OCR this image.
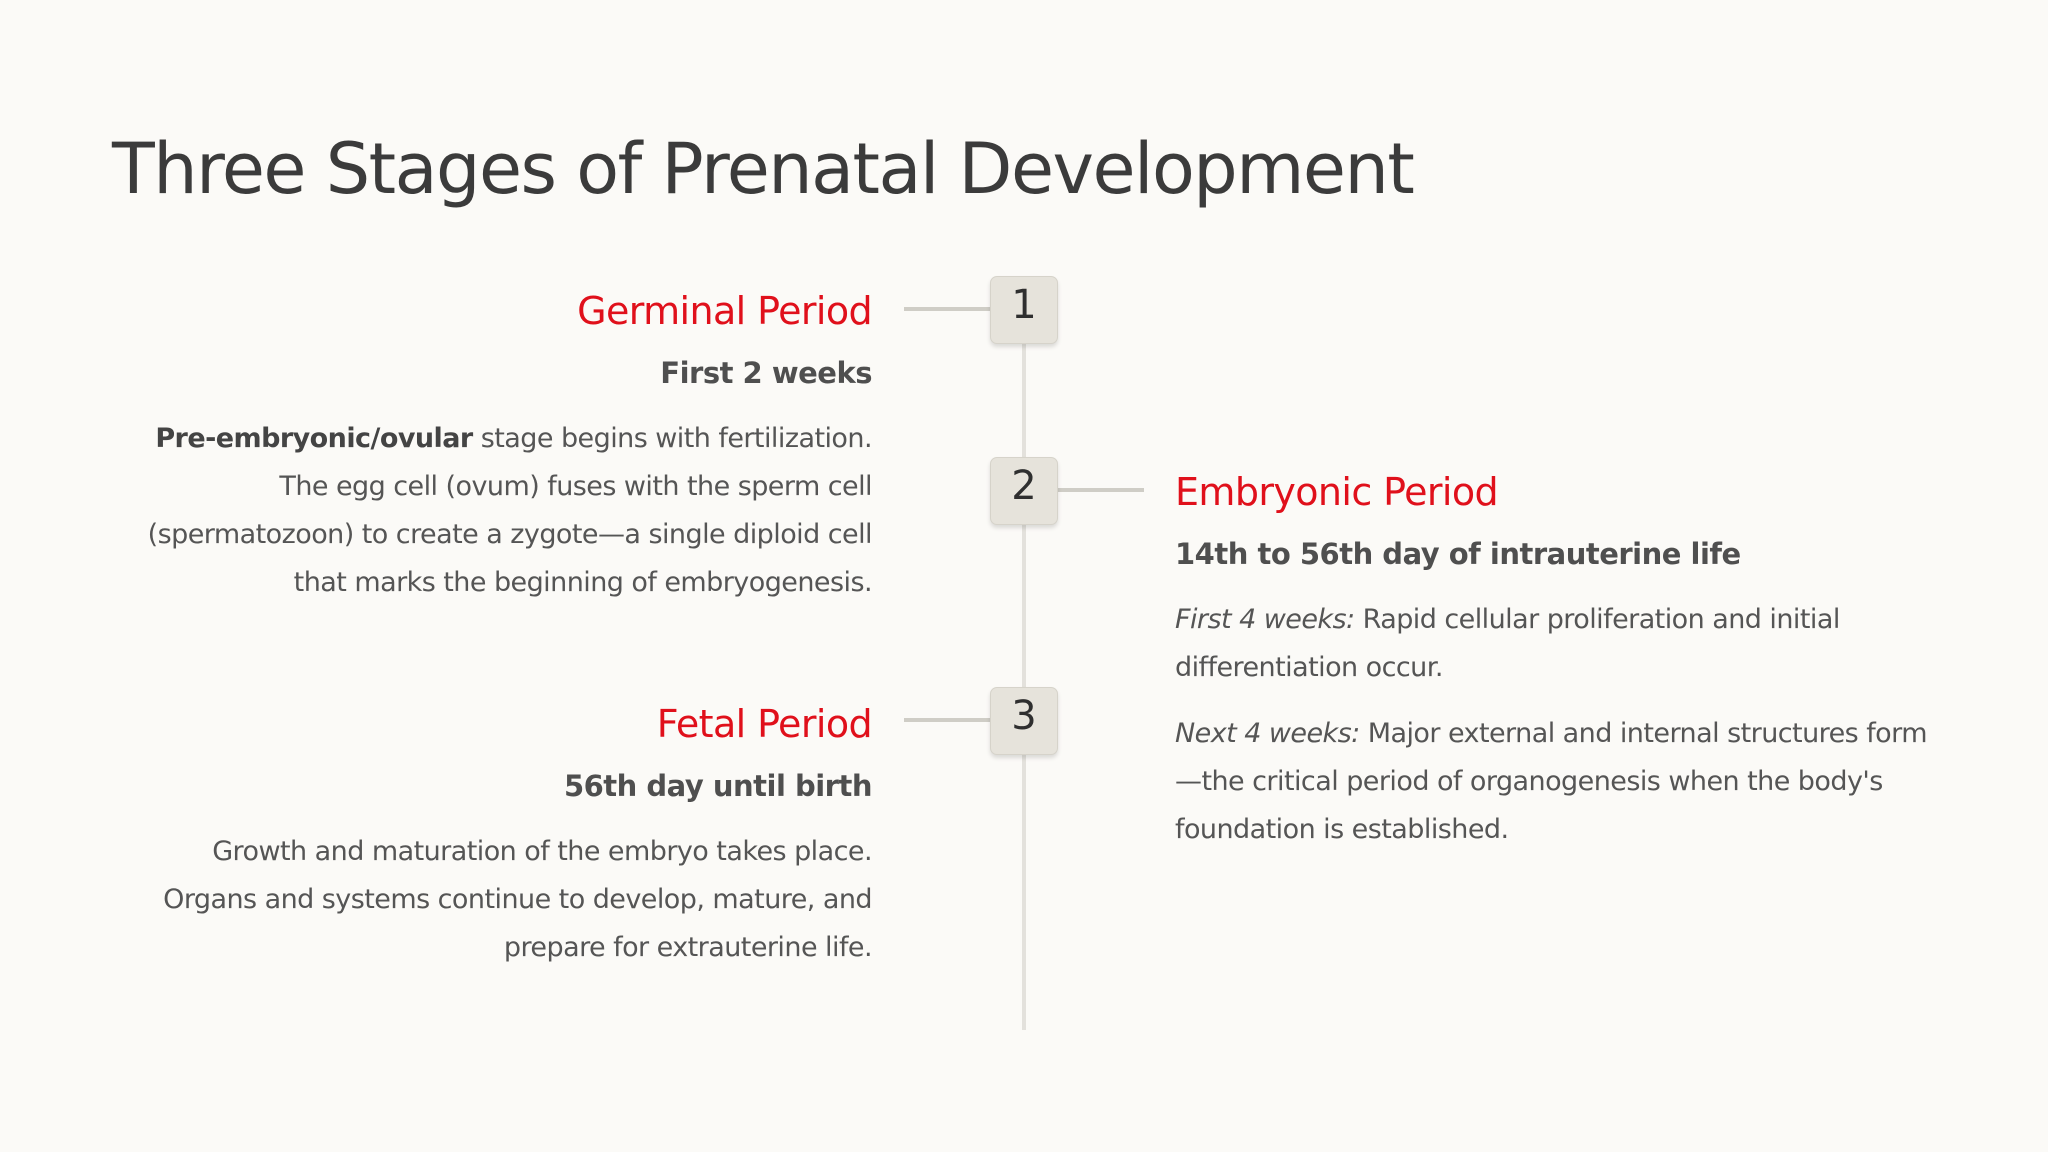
Three Stages of Prenatal Development
1
2
3
Germinal Period
First 2 weeks

Pre-embryonic/ovular stage begins with fertilization. The egg cell (ovum) fuses with the sperm cell (spermatozoon) to create a zygote—a single diploid cell that marks the beginning of embryogenesis.

Embryonic Period
14th to 56th day of intrauterine life

First 4 weeks: Rapid cellular proliferation and initial differentiation occur.

Next 4 weeks: Major external and internal structures form—the critical period of organogenesis when the body's foundation is established.

Fetal Period
56th day until birth

Growth and maturation of the embryo takes place. Organs and systems continue to develop, mature, and prepare for extrauterine life.
